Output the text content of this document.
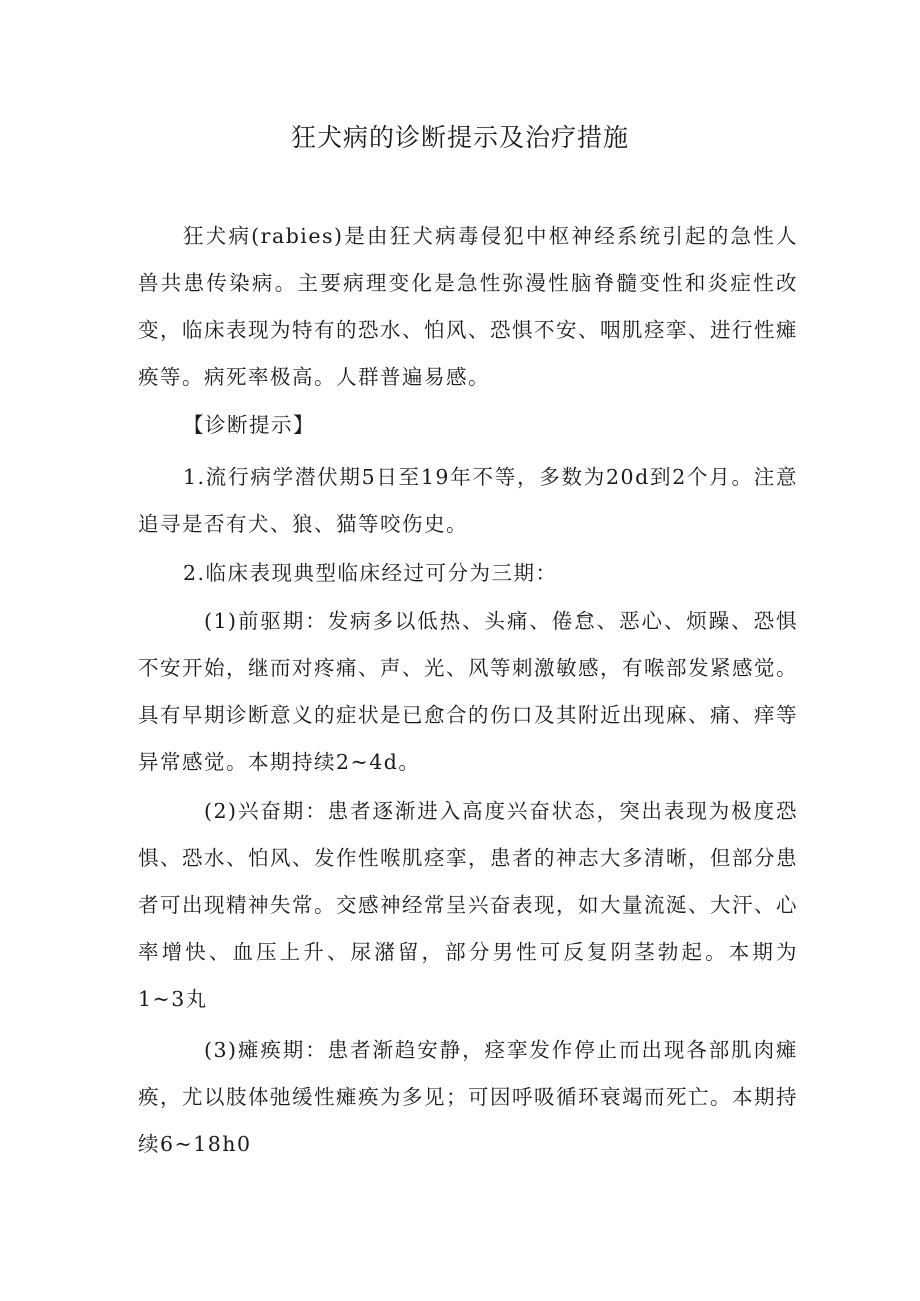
狂犬病的诊断提示及治疗措施

狂犬病(rabies)是由狂犬病毒侵犯中枢神经系统引起的急性人兽共患传染病。主要病理变化是急性弥漫性脑脊髓变性和炎症性改变，临床表现为特有的恐水、怕风、恐惧不安、咽肌痉挛、进行性瘫痪等。病死率极高。人群普遍易感。

【诊断提示】

1.流行病学潜伏期5日至19年不等，多数为20d到2个月。注意追寻是否有犬、狼、猫等咬伤史。

2.临床表现典型临床经过可分为三期：

(1)前驱期：发病多以低热、头痛、倦怠、恶心、烦躁、恐惧不安开始，继而对疼痛、声、光、风等刺激敏感，有喉部发紧感觉。具有早期诊断意义的症状是已愈合的伤口及其附近出现麻、痛、痒等异常感觉。本期持续2~4d。

(2)兴奋期：患者逐渐进入高度兴奋状态，突出表现为极度恐惧、恐水、怕风、发作性喉肌痉挛，患者的神志大多清晰，但部分患者可出现精神失常。交感神经常呈兴奋表现，如大量流涎、大汗、心率增快、血压上升、尿潴留，部分男性可反复阴茎勃起。本期为1~3丸

(3)瘫痪期：患者渐趋安静，痉挛发作停止而出现各部肌肉瘫痪，尤以肢体弛缓性瘫痪为多见；可因呼吸循环衰竭而死亡。本期持续6~18h0
